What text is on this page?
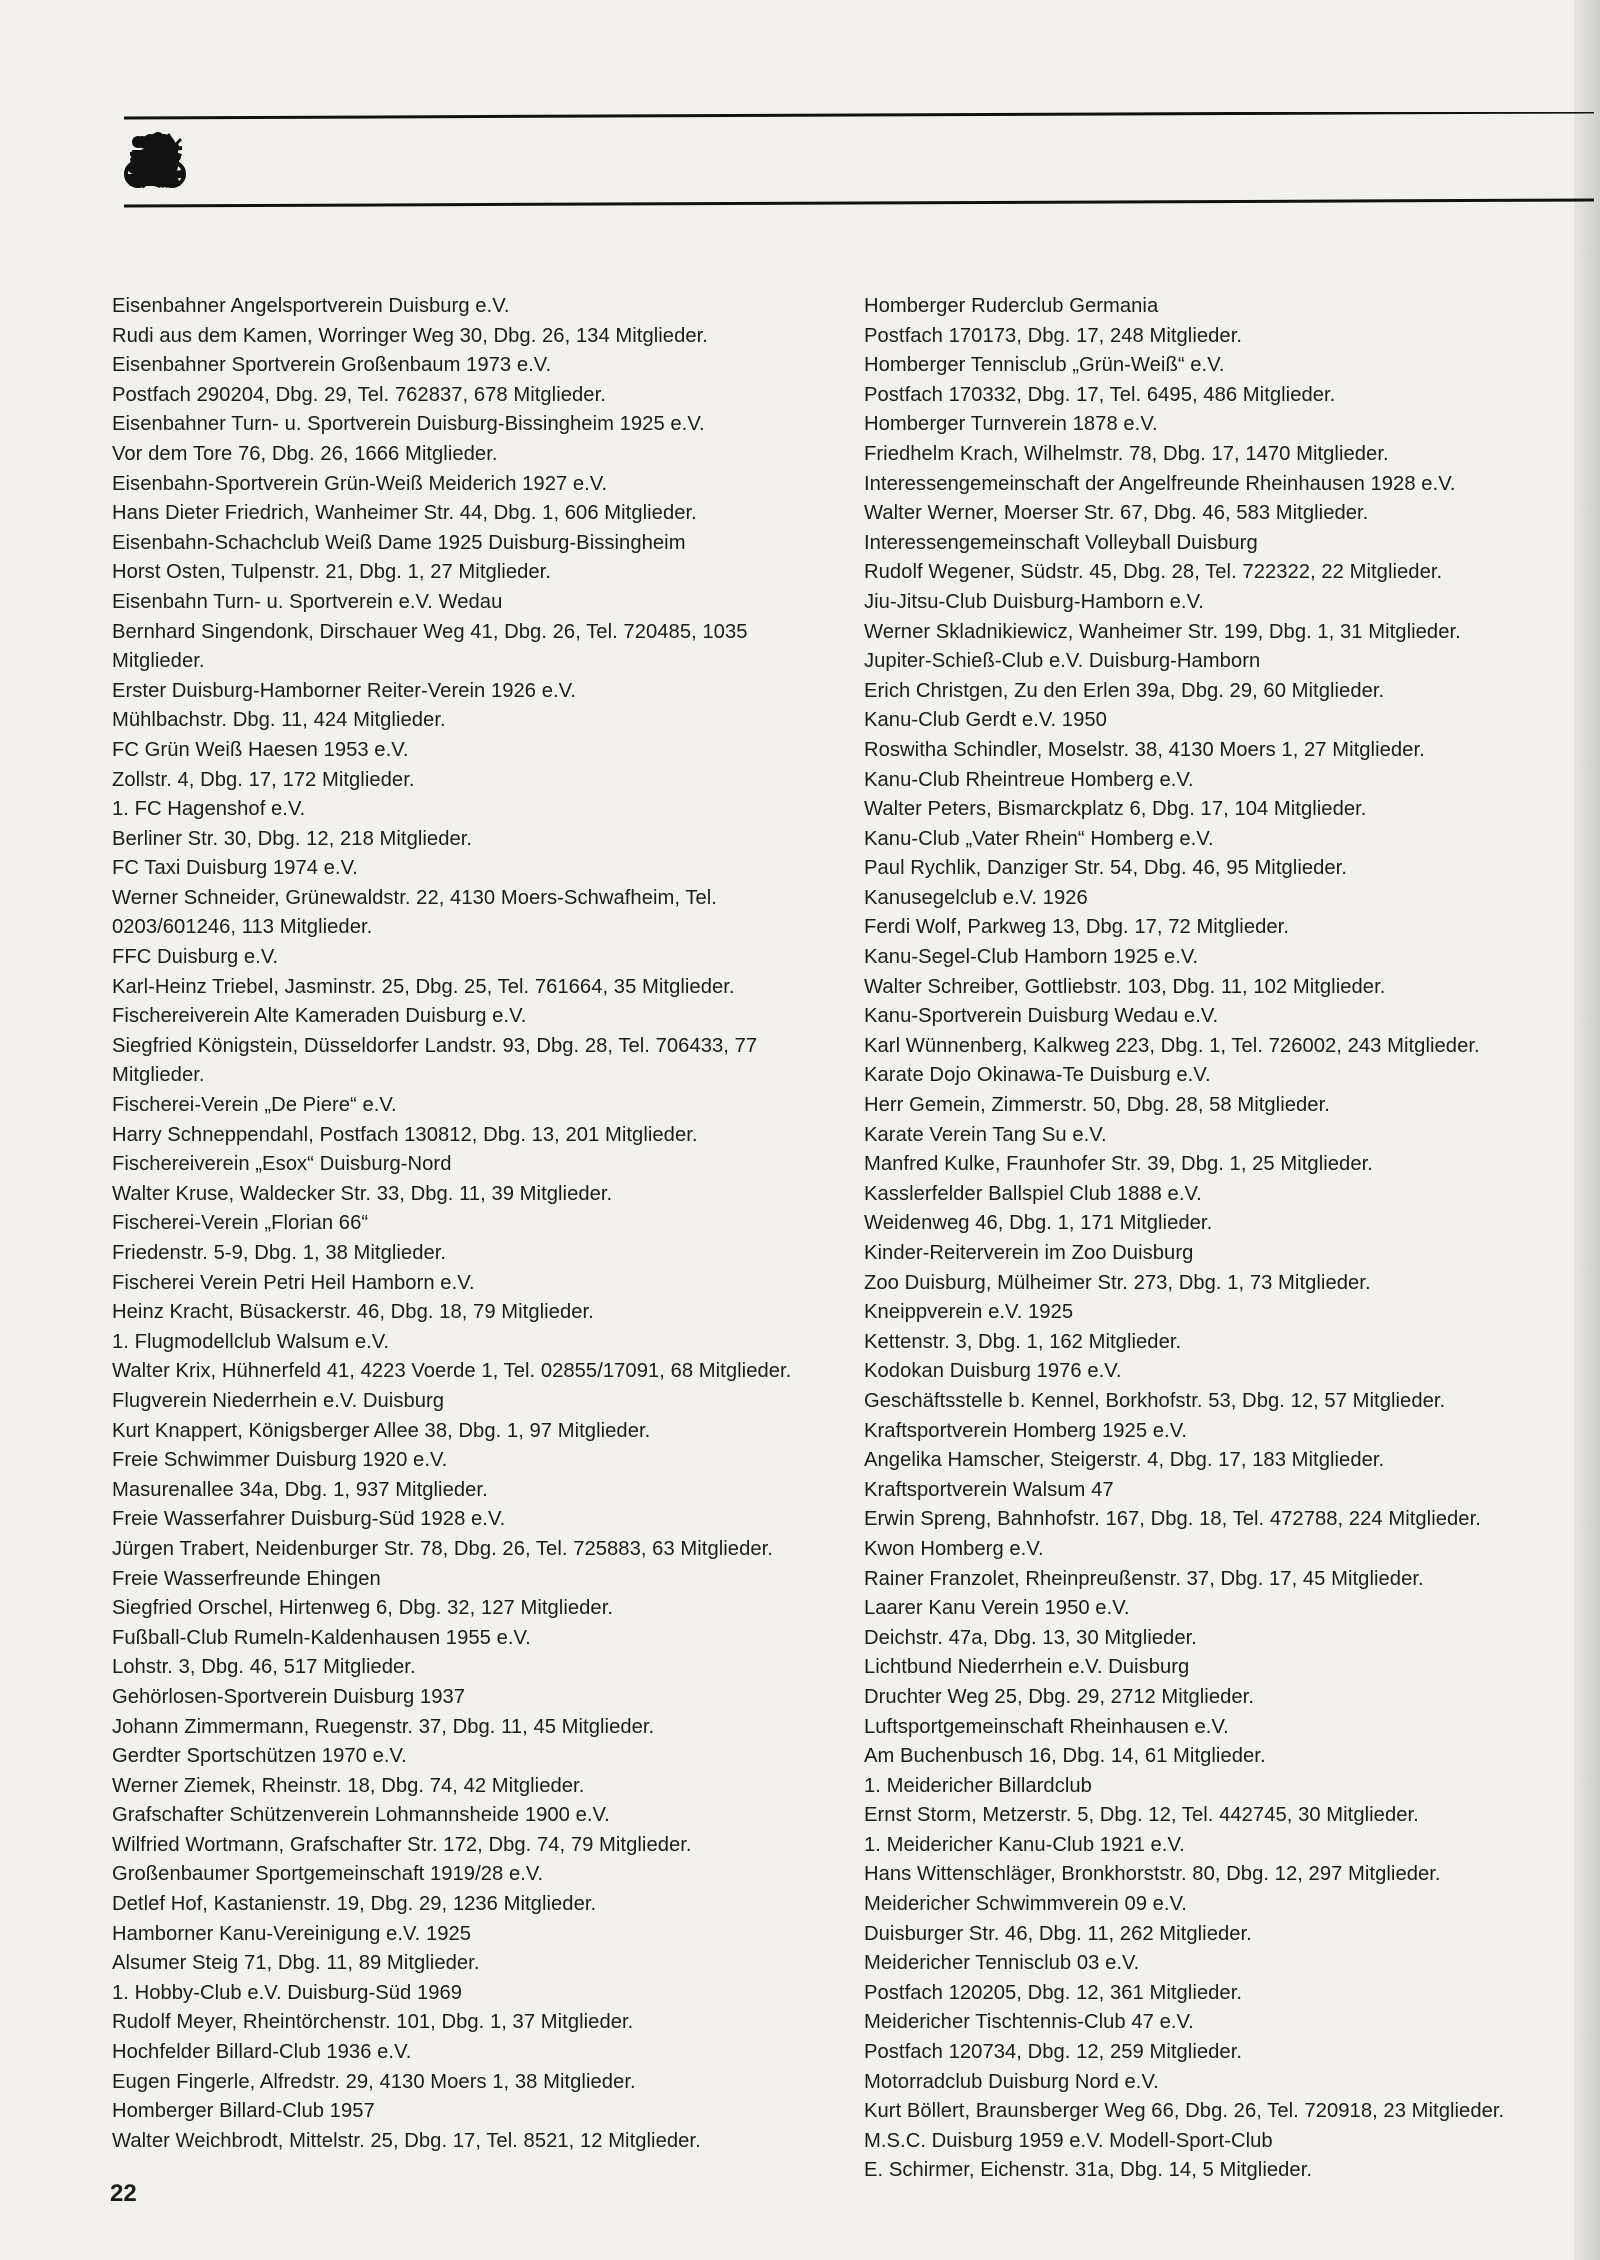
Eisenbahner Angelsportverein Duisburg e.V.
Rudi aus dem Kamen, Worringer Weg 30, Dbg. 26, 134 Mitglieder.
Eisenbahner Sportverein Großenbaum 1973 e.V.
Postfach 290204, Dbg. 29, Tel. 762837, 678 Mitglieder.
Eisenbahner Turn- u. Sportverein Duisburg-Bissingheim 1925 e.V.
Vor dem Tore 76, Dbg. 26, 1666 Mitglieder.
Eisenbahn-Sportverein Grün-Weiß Meiderich 1927 e.V.
Hans Dieter Friedrich, Wanheimer Str. 44, Dbg. 1, 606 Mitglieder.
Eisenbahn-Schachclub Weiß Dame 1925 Duisburg-Bissingheim
Horst Osten, Tulpenstr. 21, Dbg. 1, 27 Mitglieder.
Eisenbahn Turn- u. Sportverein e.V. Wedau
Bernhard Singendonk, Dirschauer Weg 41, Dbg. 26, Tel. 720485, 1035 Mitglieder.
Erster Duisburg-Hamborner Reiter-Verein 1926 e.V.
Mühlbachstr. Dbg. 11, 424 Mitglieder.
FC Grün Weiß Haesen 1953 e.V.
Zollstr. 4, Dbg. 17, 172 Mitglieder.
1. FC Hagenshof e.V.
Berliner Str. 30, Dbg. 12, 218 Mitglieder.
FC Taxi Duisburg 1974 e.V.
Werner Schneider, Grünewaldstr. 22, 4130 Moers-Schwafheim, Tel. 0203/601246, 113 Mitglieder.
FFC Duisburg e.V.
Karl-Heinz Triebel, Jasminstr. 25, Dbg. 25, Tel. 761664, 35 Mitglieder.
Fischereiverein Alte Kameraden Duisburg e.V.
Siegfried Königstein, Düsseldorfer Landstr. 93, Dbg. 28, Tel. 706433, 77 Mitglieder.
Fischerei-Verein „De Piere“ e.V.
Harry Schneppendahl, Postfach 130812, Dbg. 13, 201 Mitglieder.
Fischereiverein „Esox“ Duisburg-Nord
Walter Kruse, Waldecker Str. 33, Dbg. 11, 39 Mitglieder.
Fischerei-Verein „Florian 66“
Friedenstr. 5-9, Dbg. 1, 38 Mitglieder.
Fischerei Verein Petri Heil Hamborn e.V.
Heinz Kracht, Büsackerstr. 46, Dbg. 18, 79 Mitglieder.
1. Flugmodellclub Walsum e.V.
Walter Krix, Hühnerfeld 41, 4223 Voerde 1, Tel. 02855/17091, 68 Mitglieder.
Flugverein Niederrhein e.V. Duisburg
Kurt Knappert, Königsberger Allee 38, Dbg. 1, 97 Mitglieder.
Freie Schwimmer Duisburg 1920 e.V.
Masurenallee 34a, Dbg. 1, 937 Mitglieder.
Freie Wasserfahrer Duisburg-Süd 1928 e.V.
Jürgen Trabert, Neidenburger Str. 78, Dbg. 26, Tel. 725883, 63 Mitglieder.
Freie Wasserfreunde Ehingen
Siegfried Orschel, Hirtenweg 6, Dbg. 32, 127 Mitglieder.
Fußball-Club Rumeln-Kaldenhausen 1955 e.V.
Lohstr. 3, Dbg. 46, 517 Mitglieder.
Gehörlosen-Sportverein Duisburg 1937
Johann Zimmermann, Ruegenstr. 37, Dbg. 11, 45 Mitglieder.
Gerdter Sportschützen 1970 e.V.
Werner Ziemek, Rheinstr. 18, Dbg. 74, 42 Mitglieder.
Grafschafter Schützenverein Lohmannsheide 1900 e.V.
Wilfried Wortmann, Grafschafter Str. 172, Dbg. 74, 79 Mitglieder.
Großenbaumer Sportgemeinschaft 1919/28 e.V.
Detlef Hof, Kastanienstr. 19, Dbg. 29, 1236 Mitglieder.
Hamborner Kanu-Vereinigung e.V. 1925
Alsumer Steig 71, Dbg. 11, 89 Mitglieder.
1. Hobby-Club e.V. Duisburg-Süd 1969
Rudolf Meyer, Rheintörchenstr. 101, Dbg. 1, 37 Mitglieder.
Hochfelder Billard-Club 1936 e.V.
Eugen Fingerle, Alfredstr. 29, 4130 Moers 1, 38 Mitglieder.
Homberger Billard-Club 1957
Walter Weichbrodt, Mittelstr. 25, Dbg. 17, Tel. 8521, 12 Mitglieder.
Homberger Ruderclub Germania
Postfach 170173, Dbg. 17, 248 Mitglieder.
Homberger Tennisclub „Grün-Weiß“ e.V.
Postfach 170332, Dbg. 17, Tel. 6495, 486 Mitglieder.
Homberger Turnverein 1878 e.V.
Friedhelm Krach, Wilhelmstr. 78, Dbg. 17, 1470 Mitglieder.
Interessengemeinschaft der Angelfreunde Rheinhausen 1928 e.V.
Walter Werner, Moerser Str. 67, Dbg. 46, 583 Mitglieder.
Interessengemeinschaft Volleyball Duisburg
Rudolf Wegener, Südstr. 45, Dbg. 28, Tel. 722322, 22 Mitglieder.
Jiu-Jitsu-Club Duisburg-Hamborn e.V.
Werner Skladnikiewicz, Wanheimer Str. 199, Dbg. 1, 31 Mitglieder.
Jupiter-Schieß-Club e.V. Duisburg-Hamborn
Erich Christgen, Zu den Erlen 39a, Dbg. 29, 60 Mitglieder.
Kanu-Club Gerdt e.V. 1950
Roswitha Schindler, Moselstr. 38, 4130 Moers 1, 27 Mitglieder.
Kanu-Club Rheintreue Homberg e.V.
Walter Peters, Bismarckplatz 6, Dbg. 17, 104 Mitglieder.
Kanu-Club „Vater Rhein“ Homberg e.V.
Paul Rychlik, Danziger Str. 54, Dbg. 46, 95 Mitglieder.
Kanusegelclub e.V. 1926
Ferdi Wolf, Parkweg 13, Dbg. 17, 72 Mitglieder.
Kanu-Segel-Club Hamborn 1925 e.V.
Walter Schreiber, Gottliebstr. 103, Dbg. 11, 102 Mitglieder.
Kanu-Sportverein Duisburg Wedau e.V.
Karl Wünnenberg, Kalkweg 223, Dbg. 1, Tel. 726002, 243 Mitglieder.
Karate Dojo Okinawa-Te Duisburg e.V.
Herr Gemein, Zimmerstr. 50, Dbg. 28, 58 Mitglieder.
Karate Verein Tang Su e.V.
Manfred Kulke, Fraunhofer Str. 39, Dbg. 1, 25 Mitglieder.
Kasslerfelder Ballspiel Club 1888 e.V.
Weidenweg 46, Dbg. 1, 171 Mitglieder.
Kinder-Reiterverein im Zoo Duisburg
Zoo Duisburg, Mülheimer Str. 273, Dbg. 1, 73 Mitglieder.
Kneippverein e.V. 1925
Kettenstr. 3, Dbg. 1, 162 Mitglieder.
Kodokan Duisburg 1976 e.V.
Geschäftsstelle b. Kennel, Borkhofstr. 53, Dbg. 12, 57 Mitglieder.
Kraftsportverein Homberg 1925 e.V.
Angelika Hamscher, Steigerstr. 4, Dbg. 17, 183 Mitglieder.
Kraftsportverein Walsum 47
Erwin Spreng, Bahnhofstr. 167, Dbg. 18, Tel. 472788, 224 Mitglieder.
Kwon Homberg e.V.
Rainer Franzolet, Rheinpreußenstr. 37, Dbg. 17, 45 Mitglieder.
Laarer Kanu Verein 1950 e.V.
Deichstr. 47a, Dbg. 13, 30 Mitglieder.
Lichtbund Niederrhein e.V. Duisburg
Druchter Weg 25, Dbg. 29, 2712 Mitglieder.
Luftsportgemeinschaft Rheinhausen e.V.
Am Buchenbusch 16, Dbg. 14, 61 Mitglieder.
1. Meidericher Billardclub
Ernst Storm, Metzerstr. 5, Dbg. 12, Tel. 442745, 30 Mitglieder.
1. Meidericher Kanu-Club 1921 e.V.
Hans Wittenschläger, Bronkhorststr. 80, Dbg. 12, 297 Mitglieder.
Meidericher Schwimmverein 09 e.V.
Duisburger Str. 46, Dbg. 11, 262 Mitglieder.
Meidericher Tennisclub 03 e.V.
Postfach 120205, Dbg. 12, 361 Mitglieder.
Meidericher Tischtennis-Club 47 e.V.
Postfach 120734, Dbg. 12, 259 Mitglieder.
Motorradclub Duisburg Nord e.V.
Kurt Böllert, Braunsberger Weg 66, Dbg. 26, Tel. 720918, 23 Mitglieder.
M.S.C. Duisburg 1959 e.V. Modell-Sport-Club
E. Schirmer, Eichenstr. 31a, Dbg. 14, 5 Mitglieder.
22
